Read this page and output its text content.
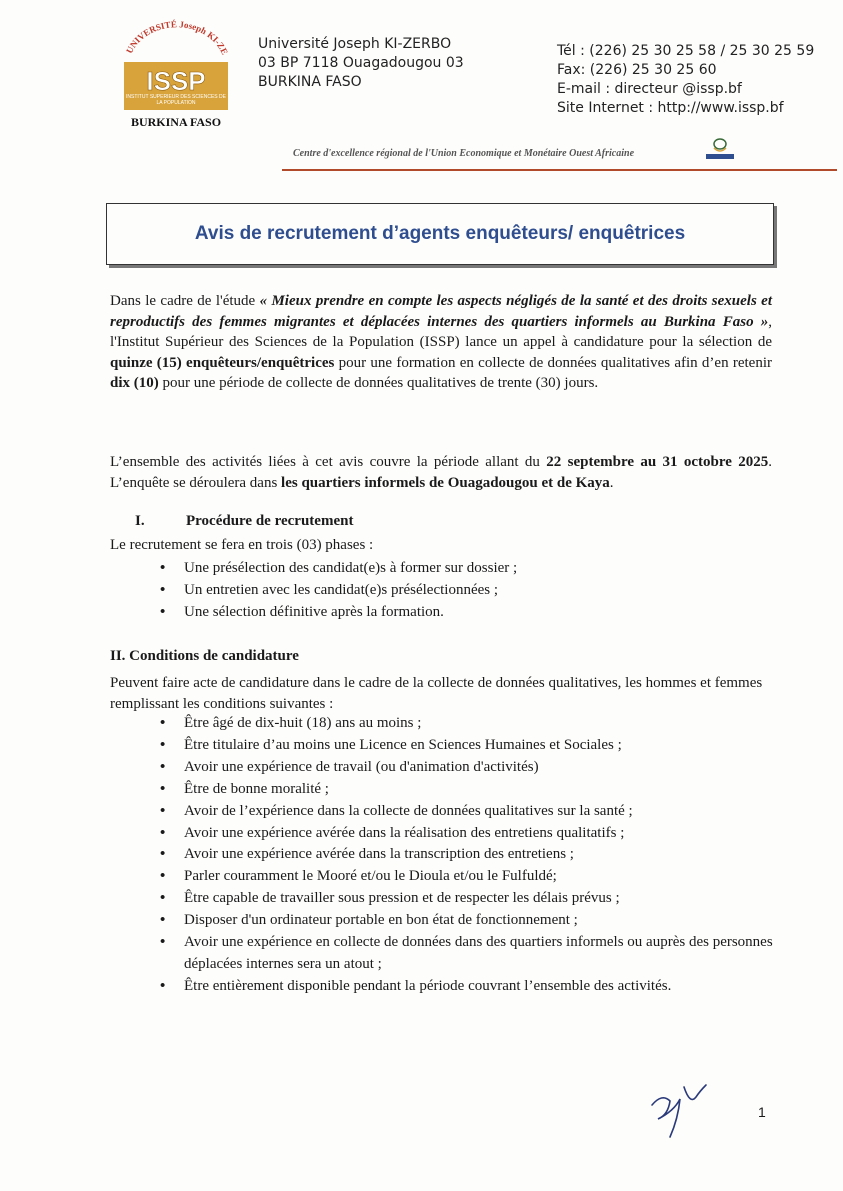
UNIVERSITÉ Joseph KI-ZE
ISSP
INSTITUT SUPÉRIEUR DES SCIENCES DE LA POPULATION
BURKINA FASO
Université Joseph KI-ZERBO
03 BP 7118 Ouagadougou 03
BURKINA FASO
Tél : (226) 25 30 25 58 / 25 30 25 59
Fax: (226) 25 30 25 60
E-mail : directeur @issp.bf
Site Internet : http://www.issp.bf
Centre d'excellence régional de l'Union Economique et Monétaire Ouest Africaine
Avis de recrutement d’agents enquêteurs/ enquêtrices
Dans le cadre de l'étude « Mieux prendre en compte les aspects négligés de la santé et des droits sexuels et reproductifs des femmes migrantes et déplacées internes des quartiers informels au Burkina Faso », l'Institut Supérieur des Sciences de la Population (ISSP) lance un appel à candidature pour la sélection de quinze (15) enquêteurs/enquêtrices pour une formation en collecte de données qualitatives afin d’en retenir dix (10) pour une période de collecte de données qualitatives de trente (30) jours.
L’ensemble des activités liées à cet avis couvre la période allant du 22 septembre au 31 octobre 2025. L’enquête se déroulera dans les quartiers informels de Ouagadougou et de Kaya.
I.	Procédure de recrutement
Le recrutement se fera en trois (03) phases :
• Une présélection des candidat(e)s à former sur dossier ;
• Un entretien avec les candidat(e)s présélectionnées ;
• Une sélection définitive après la formation.
II. Conditions de candidature
Peuvent faire acte de candidature dans le cadre de la collecte de données qualitatives, les hommes et femmes remplissant les conditions suivantes :
• Être âgé de dix-huit (18) ans au moins ;
• Être titulaire d’au moins une Licence en Sciences Humaines et Sociales ;
• Avoir une expérience de travail (ou d'animation d'activités)
• Être de bonne moralité ;
• Avoir de l’expérience dans la collecte de données qualitatives sur la santé ;
• Avoir une expérience avérée dans la réalisation des entretiens qualitatifs ;
• Avoir une expérience avérée dans la transcription des entretiens ;
• Parler couramment le Mooré et/ou le Dioula et/ou le Fulfuldé;
• Être capable de travailler sous pression et de respecter les délais prévus ;
• Disposer d'un ordinateur portable en bon état de fonctionnement ;
• Avoir une expérience en collecte de données dans des quartiers informels ou auprès des personnes déplacées internes sera un atout ;
• Être entièrement disponible pendant la période couvrant l’ensemble des activités.
1
